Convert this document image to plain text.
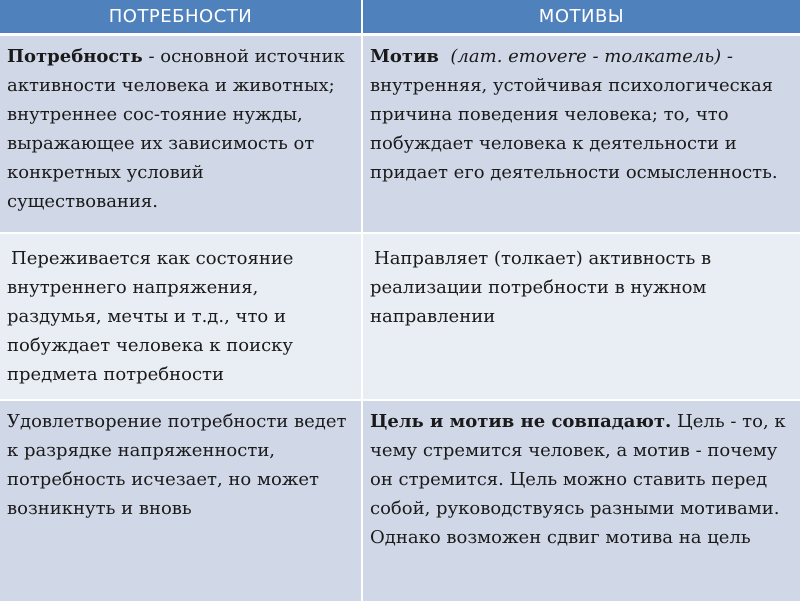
ПОТРЕБНОСТИ	МОТИВЫ
Потребность - основной источник активности человека и животных; внутреннее сос-тояние нужды, выражающее их зависимость от конкретных условий существования.	Мотив (лат. emovere - толкатель) - внутренняя, устойчивая психологическая причина поведения человека; то, что побуждает человека к деятельности и придает его деятельности осмысленность.
Переживается как состояние внутреннего напряжения, раздумья, мечты и т.д., что и побуждает человека к поиску предмета потребности	Направляет (толкает) активность в реализации потребности в нужном направлении
Удовлетворение потребности ведет к разрядке напряженности, потребность исчезает, но может возникнуть и вновь	Цель и мотив не совпадают. Цель - то, к чему стремится человек, а мотив - почему он стремится. Цель можно ставить перед собой, руководствуясь разными мотивами. Однако возможен сдвиг мотива на цель
